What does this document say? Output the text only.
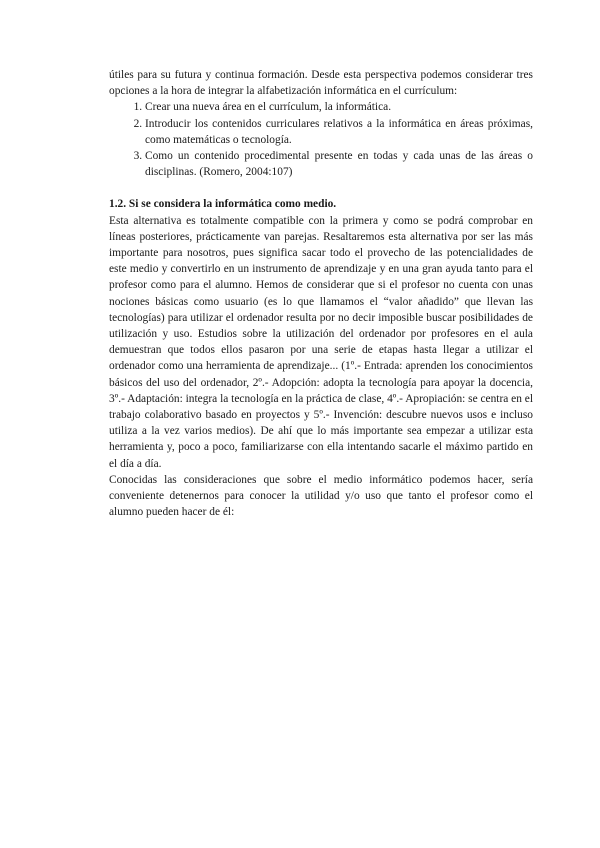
útiles para su futura y continua formación. Desde esta perspectiva podemos considerar tres opciones a la hora de integrar la alfabetización informática en el currículum:

1. Crear una nueva área en el currículum, la informática.
2. Introducir los contenidos curriculares relativos a la informática en áreas próximas, como matemáticas o tecnología.
3. Como un contenido procedimental presente en todas y cada unas de las áreas o disciplinas. (Romero, 2004:107)

1.2. Si se considera la informática como medio.

Esta alternativa es totalmente compatible con la primera y como se podrá comprobar en líneas posteriores, prácticamente van parejas. Resaltaremos esta alternativa por ser las más importante para nosotros, pues significa sacar todo el provecho de las potencialidades de este medio y convertirlo en un instrumento de aprendizaje y en una gran ayuda tanto para el profesor como para el alumno. Hemos de considerar que si el profesor no cuenta con unas nociones básicas como usuario (es lo que llamamos el “valor añadido” que llevan las tecnologías) para utilizar el ordenador resulta por no decir imposible buscar posibilidades de utilización y uso. Estudios sobre la utilización del ordenador por profesores en el aula demuestran que todos ellos pasaron por una serie de etapas hasta llegar a utilizar el ordenador como una herramienta de aprendizaje... (1º.- Entrada: aprenden los conocimientos básicos del uso del ordenador, 2º.- Adopción: adopta la tecnología para apoyar la docencia, 3º.- Adaptación: integra la tecnología en la práctica de clase, 4º.- Apropiación: se centra en el trabajo colaborativo basado en proyectos y 5º.- Invención: descubre nuevos usos e incluso utiliza a la vez varios medios). De ahí que lo más importante sea empezar a utilizar esta herramienta y, poco a poco, familiarizarse con ella intentando sacarle el máximo partido en el día a día.

Conocidas las consideraciones que sobre el medio informático podemos hacer, sería conveniente detenernos para conocer la utilidad y/o uso que tanto el profesor como el alumno pueden hacer de él:
